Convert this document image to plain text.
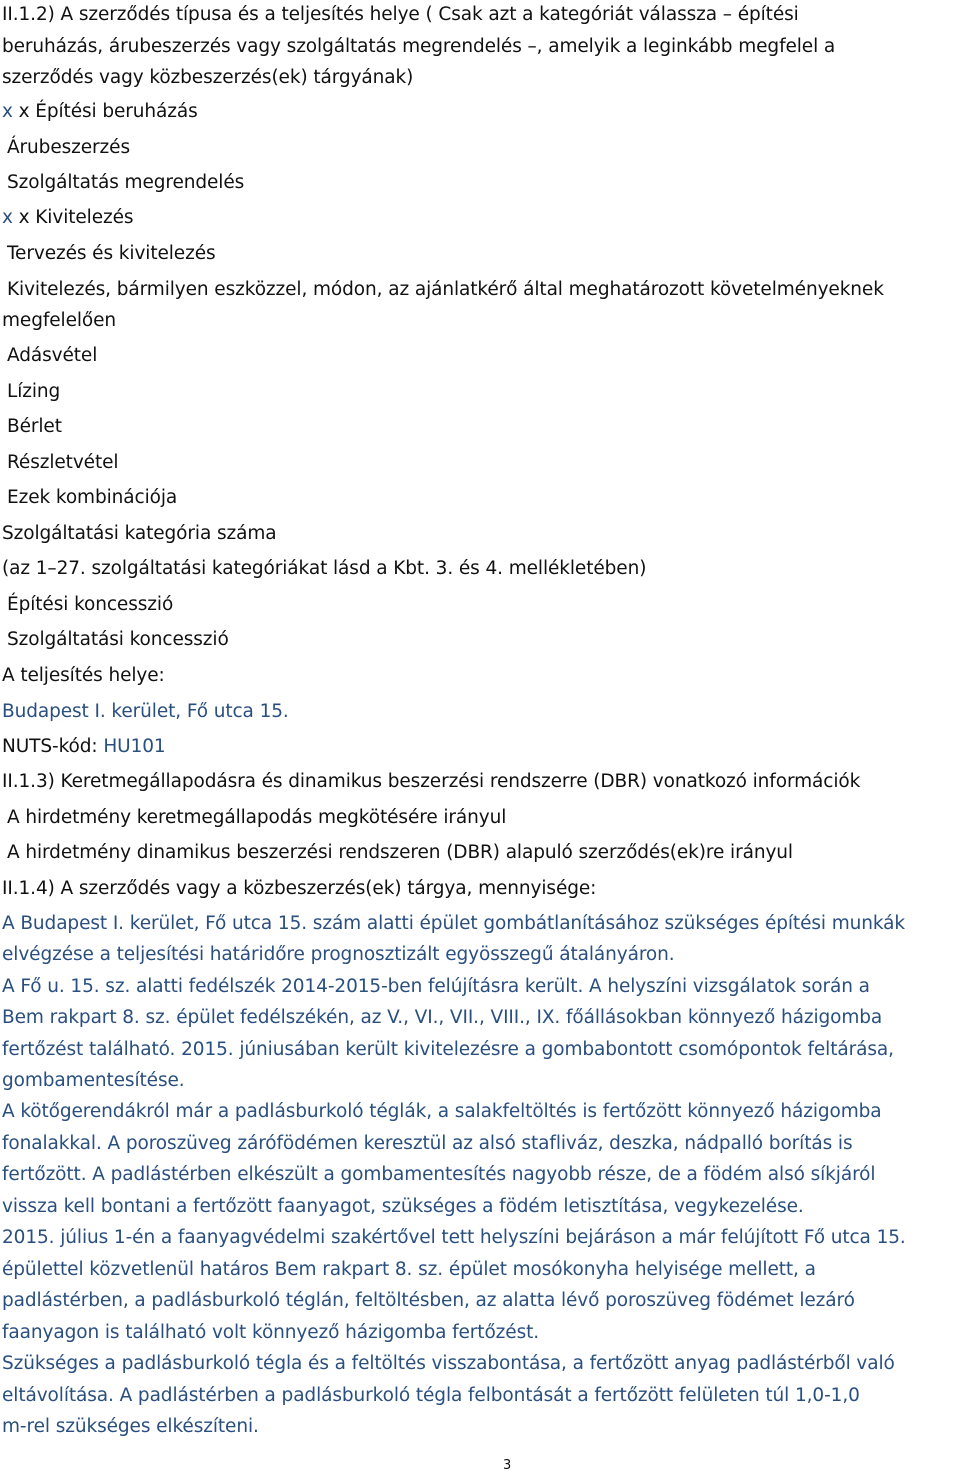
II.1.2) A szerződés típusa és a teljesítés helye ( Csak azt a kategóriát válassza – építési
beruházás, árubeszerzés vagy szolgáltatás megrendelés –, amelyik a leginkább megfelel a
szerződés vagy közbeszerzés(ek) tárgyának)
x x Építési beruházás
Árubeszerzés
Szolgáltatás megrendelés
x x Kivitelezés
Tervezés és kivitelezés
Kivitelezés, bármilyen eszközzel, módon, az ajánlatkérő által meghatározott követelményeknek
megfelelően
Adásvétel
Lízing
Bérlet
Részletvétel
Ezek kombinációja
Szolgáltatási kategória száma
(az 1–27. szolgáltatási kategóriákat lásd a Kbt. 3. és 4. mellékletében)
Építési koncesszió
Szolgáltatási koncesszió
A teljesítés helye:
Budapest I. kerület, Fő utca 15.
NUTS-kód: HU101
II.1.3) Keretmegállapodásra és dinamikus beszerzési rendszerre (DBR) vonatkozó információk
A hirdetmény keretmegállapodás megkötésére irányul
A hirdetmény dinamikus beszerzési rendszeren (DBR) alapuló szerződés(ek)re irányul
II.1.4) A szerződés vagy a közbeszerzés(ek) tárgya, mennyisége:
A Budapest I. kerület, Fő utca 15. szám alatti épület gombátlanításához szükséges építési munkák
elvégzése a teljesítési határidőre prognosztizált egyösszegű átalányáron.
A Fő u. 15. sz. alatti fedélszék 2014-2015-ben felújításra került. A helyszíni vizsgálatok során a
Bem rakpart 8. sz. épület fedélszékén, az V., VI., VII., VIII., IX. főállásokban könnyező házigomba
fertőzést található. 2015. júniusában került kivitelezésre a gombabontott csomópontok feltárása,
gombamentesítése.
A kötőgerendákról már a padlásburkoló téglák, a salakfeltöltés is fertőzött könnyező házigomba
fonalakkal. A poroszüveg zárófödémen keresztül az alsó stafliváz, deszka, nádpalló borítás is
fertőzött. A padlástérben elkészült a gombamentesítés nagyobb része, de a födém alsó síkjáról
vissza kell bontani a fertőzött faanyagot, szükséges a födém letisztítása, vegykezelése.
2015. július 1-én a faanyagvédelmi szakértővel tett helyszíni bejáráson a már felújított Fő utca 15.
épülettel közvetlenül határos Bem rakpart 8. sz. épület mosókonyha helyisége mellett, a
padlástérben, a padlásburkoló téglán, feltöltésben, az alatta lévő poroszüveg födémet lezáró
faanyagon is található volt könnyező házigomba fertőzést.
Szükséges a padlásburkoló tégla és a feltöltés visszabontása, a fertőzött anyag padlástérből való
eltávolítása. A padlástérben a padlásburkoló tégla felbontását a fertőzött felületen túl 1,0-1,0
m-rel szükséges elkészíteni.
3
